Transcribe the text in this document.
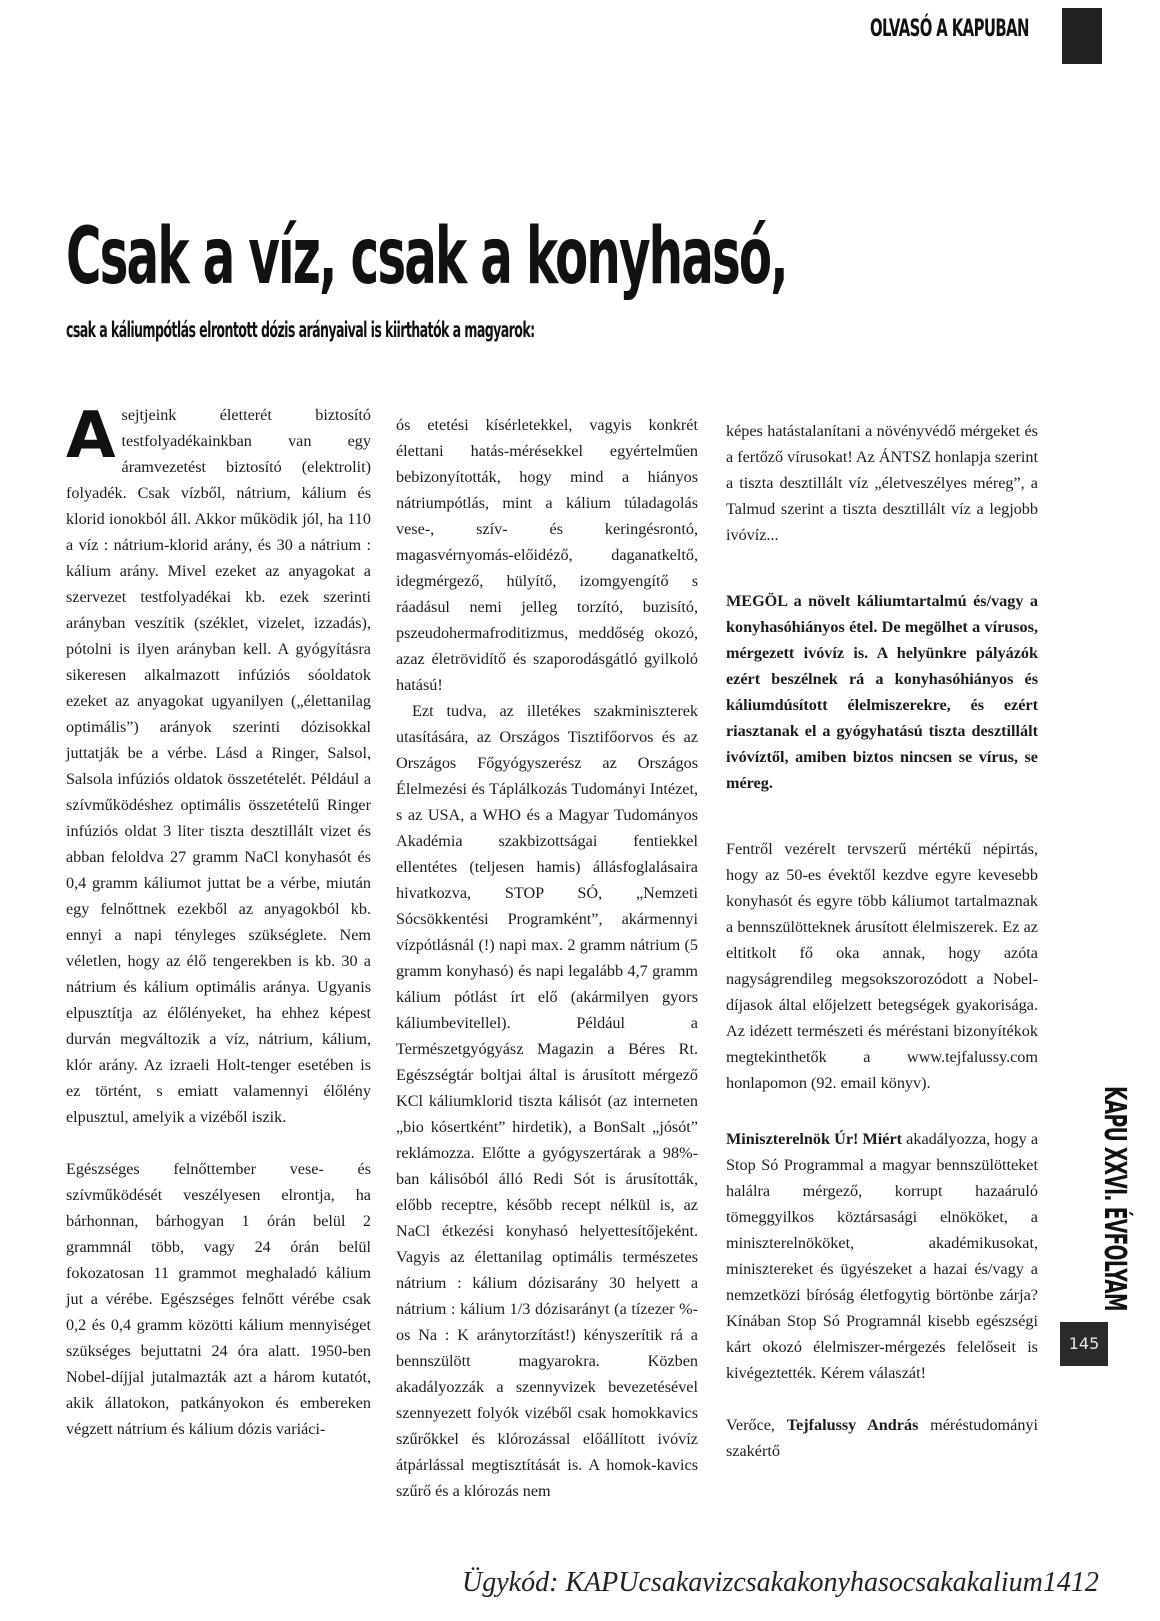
OLVASÓ A KAPUBAN
Csak a víz, csak a konyhasó,
csak a káliumpótlás elrontott dózis arányaival is kiirthatók a magyarok:

Asejtjeink életterét biztosító testfolyadékainkban van egy áramvezetést biztosító (elektrolit) folyadék. Csak vízből, nátrium, kálium és klorid ionokból áll. Akkor működik jól, ha 110 a víz : nátrium-klorid arány, és 30 a nátrium : kálium arány. Mivel ezeket az anyagokat a szervezet testfolyadékai kb. ezek szerinti arányban veszítik (széklet, vizelet, izzadás), pótolni is ilyen arányban kell. A gyógyításra sikeresen alkalmazott infúziós sóoldatok ezeket az anyagokat ugyanilyen („élettanilag optimális”) arányok szerinti dózisokkal juttatják be a vérbe. Lásd a Ringer, Salsol, Salsola infúziós oldatok összetételét. Például a szívműködéshez optimális összetételű Ringer infúziós oldat 3 liter tiszta desztillált vizet és abban feloldva 27 gramm NaCl konyhasót és 0,4 gramm káliumot juttat be a vérbe, miután egy felnőttnek ezekből az anyagokból kb. ennyi a napi tényleges szükséglete. Nem véletlen, hogy az élő tengerekben is kb. 30 a nátrium és kálium optimális aránya. Ugyanis elpusztítja az élőlényeket, ha ehhez képest durván megváltozik a víz, nátrium, kálium, klór arány. Az izraeli Holt-tenger esetében is ez történt, s emiatt valamennyi élőlény elpusztul, amelyik a vizéből iszik.

Egészséges felnőttember vese- és szívműködését veszélyesen elrontja, ha bárhonnan, bárhogyan 1 órán belül 2 grammnál több, vagy 24 órán belül fokozatosan 11 grammot meghaladó kálium jut a vérébe. Egészséges felnőtt vérébe csak 0,2 és 0,4 gramm közötti kálium mennyiséget szükséges bejuttatni 24 óra alatt. 1950-ben Nobel-díjjal jutalmazták azt a három kutatót, akik állatokon, patkányokon és embereken végzett nátrium és kálium dózis variáci-

ós etetési kísérletekkel, vagyis konkrét élettani hatás-mérésekkel egyértelműen bebizonyították, hogy mind a hiányos nátriumpótlás, mint a kálium túladagolás vese-, szív- és keringésrontó, magasvérnyomás-előidéző, daganatkeltő, idegmérgező, hülyítő, izomgyengítő s ráadásul nemi jelleg torzító, buzisító, pszeudohermafroditizmus, meddőség okozó, azaz életrövidítő és szaporodásgátló gyilkoló hatású!

Ezt tudva, az illetékes szakminiszterek utasítására, az Országos Tisztifőorvos és az Országos Főgyógyszerész az Országos Élelmezési és Táplálkozás Tudományi Intézet, s az USA, a WHO és a Magyar Tudományos Akadémia szakbizottságai fentiekkel ellentétes (teljesen hamis) állásfoglalásaira hivatkozva, STOP SÓ, „Nemzeti Sócsökkentési Programként”, akármennyi vízpótlásnál (!) napi max. 2 gramm nátrium (5 gramm konyhasó) és napi legalább 4,7 gramm kálium pótlást írt elő (akármilyen gyors káliumbevitellel). Például a Természetgyógyász Magazin a Béres Rt. Egészségtár boltjai által is árusított mérgező KCl káliumklorid tiszta kálisót (az interneten „bio kósertként” hirdetik), a BonSalt „jósót” reklámozza. Előtte a gyógyszertárak a 98%-ban kálisóból álló Redi Sót is árusították, előbb receptre, később recept nélkül is, az NaCl étkezési konyhasó helyettesítőjeként. Vagyis az élettanilag optimális természetes nátrium : kálium dózisarány 30 helyett a nátrium : kálium 1/3 dózisarányt (a tízezer %-os Na : K aránytorzítást!) kényszerítik rá a bennszülött magyarokra. Közben akadályozzák a szennyvizek bevezetésével szennyezett folyók vizéből csak homokkavics szűrőkkel és klórozással előállított ivóvíz átpárlással megtisztítását is. A homok-kavics szűrő és a klórozás nem

képes hatástalanítani a növényvédő mérgeket és a fertőző vírusokat! Az ÁNTSZ honlapja szerint a tiszta desztillált víz „életveszélyes méreg”, a Talmud szerint a tiszta desztillált víz a legjobb ivóvíz...

MEGÖL a növelt káliumtartalmú és/vagy a konyhasóhiányos étel. De megölhet a vírusos, mérgezett ivóvíz is. A helyünkre pályázók ezért beszélnek rá a konyhasóhiányos és káliumdúsított élelmiszerekre, és ezért riasztanak el a gyógyhatású tiszta desztillált ivóvíztől, amiben biztos nincsen se vírus, se méreg.

Fentről vezérelt tervszerű mértékű népirtás, hogy az 50-es évektől kezdve egyre kevesebb konyhasót és egyre több káliumot tartalmaznak a bennszülötteknek árusított élelmiszerek. Ez az eltitkolt fő oka annak, hogy azóta nagyságrendileg megsokszorozódott a Nobel-díjasok által előjelzett betegségek gyakorisága. Az idézett természeti és méréstani bizonyítékok megtekinthetők a www.tejfalussy.com honlapomon (92. email könyv).

Miniszterelnök Úr! Miért akadályozza, hogy a Stop Só Programmal a magyar bennszülötteket halálra mérgező, korrupt hazaáruló tömeggyilkos köztársasági elnököket, a miniszterelnököket, akadémikusokat, minisztereket és ügyészeket a hazai és/vagy a nemzetközi bíróság életfogytig börtönbe zárja? Kínában Stop Só Programnál kisebb egészségi kárt okozó élelmiszer-mérgezés felelőseit is kivégeztették. Kérem válaszát!

Verőce, Tejfalussy András méréstudományi szakértő

KAPU XXVI. ÉVFOLYAM
145
Ügykód: KAPUcsakavizcsakakonyhasocsakakalium1412
